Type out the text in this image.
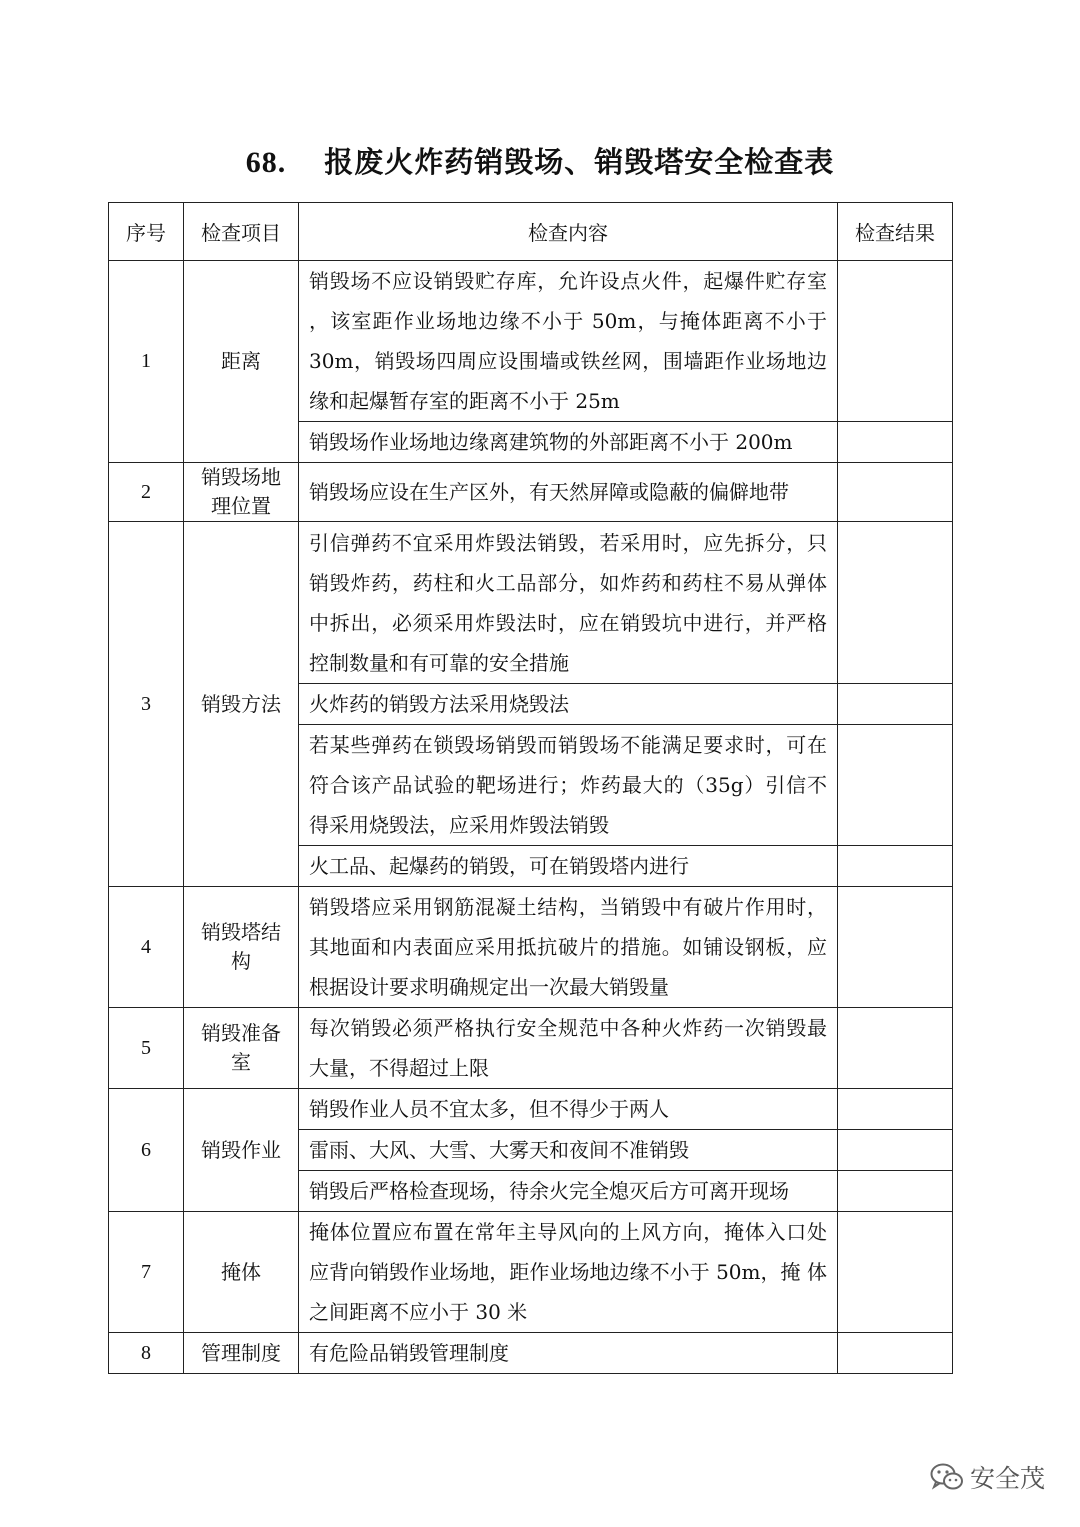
68. 报废火炸药销毁场、销毁塔安全检查表
序号	检查项目	检查内容	检查结果
1	距离	销毁场不应设销毁贮存库，允许设点火件，起爆件贮存室 ，该室距作业场地边缘不小于 50m，与掩体距离不小于 30m，销毁场四周应设围墙或铁丝网，围墙距作业场地边缘和起爆暂存室的距离不小于 25m	
		销毁场作业场地边缘离建筑物的外部距离不小于 200m	
2	销毁场地理位置	销毁场应设在生产区外，有天然屏障或隐蔽的偏僻地带	
3	销毁方法	引信弹药不宜采用炸毁法销毁，若采用时，应先拆分，只销毁炸药，药柱和火工品部分，如炸药和药柱不易从弹体中拆出，必须采用炸毁法时，应在销毁坑中进行，并严格控制数量和有可靠的安全措施	
		火炸药的销毁方法采用烧毁法	
		若某些弹药在锁毁场销毁而销毁场不能满足要求时，可在符合该产品试验的靶场进行；炸药最大的（35g）引信不得采用烧毁法，应采用炸毁法销毁	
		火工品、起爆药的销毁，可在销毁塔内进行	
4	销毁塔结构	销毁塔应采用钢筋混凝土结构，当销毁中有破片作用时，其地面和内表面应采用抵抗破片的措施。如铺设钢板，应根据设计要求明确规定出一次最大销毁量	
5	销毁准备室	每次销毁必须严格执行安全规范中各种火炸药一次销毁最大量，不得超过上限	
6	销毁作业	销毁作业人员不宜太多，但不得少于两人	
		雷雨、大风、大雪、大雾天和夜间不准销毁	
		销毁后严格检查现场，待余火完全熄灭后方可离开现场	
7	掩体	掩体位置应布置在常年主导风向的上风方向，掩体入口处应背向销毁作业场地，距作业场地边缘不小于 50m，掩 体之间距离不应小于 30 米	
8	管理制度	有危险品销毁管理制度	
安全茂
